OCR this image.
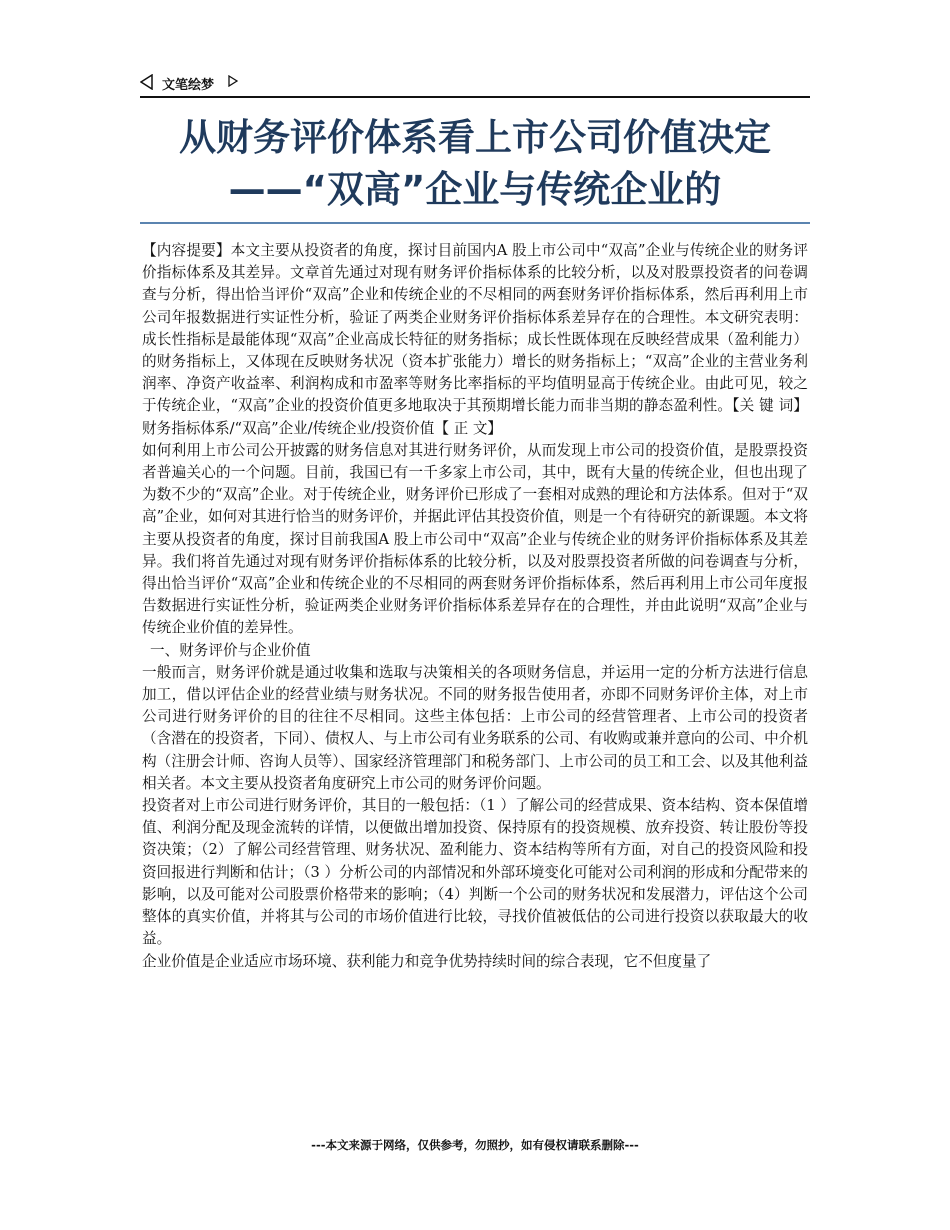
文笔绘梦
从财务评价体系看上市公司价值决定
——“双高”企业与传统企业的

【内容提要】本文主要从投资者的角度，探讨目前国内A 股上市公司中“双高”企业与传统企业的财务评价指标体系及其差异。文章首先通过对现有财务评价指标体系的比较分析，以及对股票投资者的问卷调查与分析，得出恰当评价“双高”企业和传统企业的不尽相同的两套财务评价指标体系，然后再利用上市公司年报数据进行实证性分析，验证了两类企业财务评价指标体系差异存在的合理性。本文研究表明：成长性指标是最能体现“双高”企业高成长特征的财务指标；成长性既体现在反映经营成果（盈利能力）的财务指标上，又体现在反映财务状况（资本扩张能力）增长的财务指标上；“双高”企业的主营业务利润率、净资产收益率、利润构成和市盈率等财务比率指标的平均值明显高于传统企业。由此可见，较之于传统企业，“双高”企业的投资价值更多地取决于其预期增长能力而非当期的静态盈利性。【关 键 词】财务指标体系/“双高”企业/传统企业/投资价值【 正 文】

如何利用上市公司公开披露的财务信息对其进行财务评价，从而发现上市公司的投资价值，是股票投资者普遍关心的一个问题。目前，我国已有一千多家上市公司，其中，既有大量的传统企业，但也出现了为数不少的“双高”企业。对于传统企业，财务评价已形成了一套相对成熟的理论和方法体系。但对于“双高”企业，如何对其进行恰当的财务评价，并据此评估其投资价值，则是一个有待研究的新课题。本文将主要从投资者的角度，探讨目前我国A 股上市公司中“双高”企业与传统企业的财务评价指标体系及其差异。我们将首先通过对现有财务评价指标体系的比较分析，以及对股票投资者所做的问卷调查与分析，得出恰当评价“双高”企业和传统企业的不尽相同的两套财务评价指标体系，然后再利用上市公司年度报告数据进行实证性分析，验证两类企业财务评价指标体系差异存在的合理性，并由此说明“双高”企业与传统企业价值的差异性。

一、财务评价与企业价值

一般而言，财务评价就是通过收集和选取与决策相关的各项财务信息，并运用一定的分析方法进行信息加工，借以评估企业的经营业绩与财务状况。不同的财务报告使用者，亦即不同财务评价主体，对上市公司进行财务评价的目的往往不尽相同。这些主体包括：上市公司的经营管理者、上市公司的投资者（含潜在的投资者，下同）、债权人、与上市公司有业务联系的公司、有收购或兼并意向的公司、中介机构（注册会计师、咨询人员等）、国家经济管理部门和税务部门、上市公司的员工和工会、以及其他利益相关者。本文主要从投资者角度研究上市公司的财务评价问题。

投资者对上市公司进行财务评价，其目的一般包括：（1 ）了解公司的经营成果、资本结构、资本保值增值、利润分配及现金流转的详情，以便做出增加投资、保持原有的投资规模、放弃投资、转让股份等投资决策；（2）了解公司经营管理、财务状况、盈利能力、资本结构等所有方面，对自己的投资风险和投资回报进行判断和估计；（3 ）分析公司的内部情况和外部环境变化可能对公司利润的形成和分配带来的影响，以及可能对公司股票价格带来的影响；（4）判断一个公司的财务状况和发展潜力，评估这个公司整体的真实价值，并将其与公司的市场价值进行比较，寻找价值被低估的公司进行投资以获取最大的收益。

企业价值是企业适应市场环境、获利能力和竞争优势持续时间的综合表现，它不但度量了

---本文来源于网络，仅供参考，勿照抄，如有侵权请联系删除---
